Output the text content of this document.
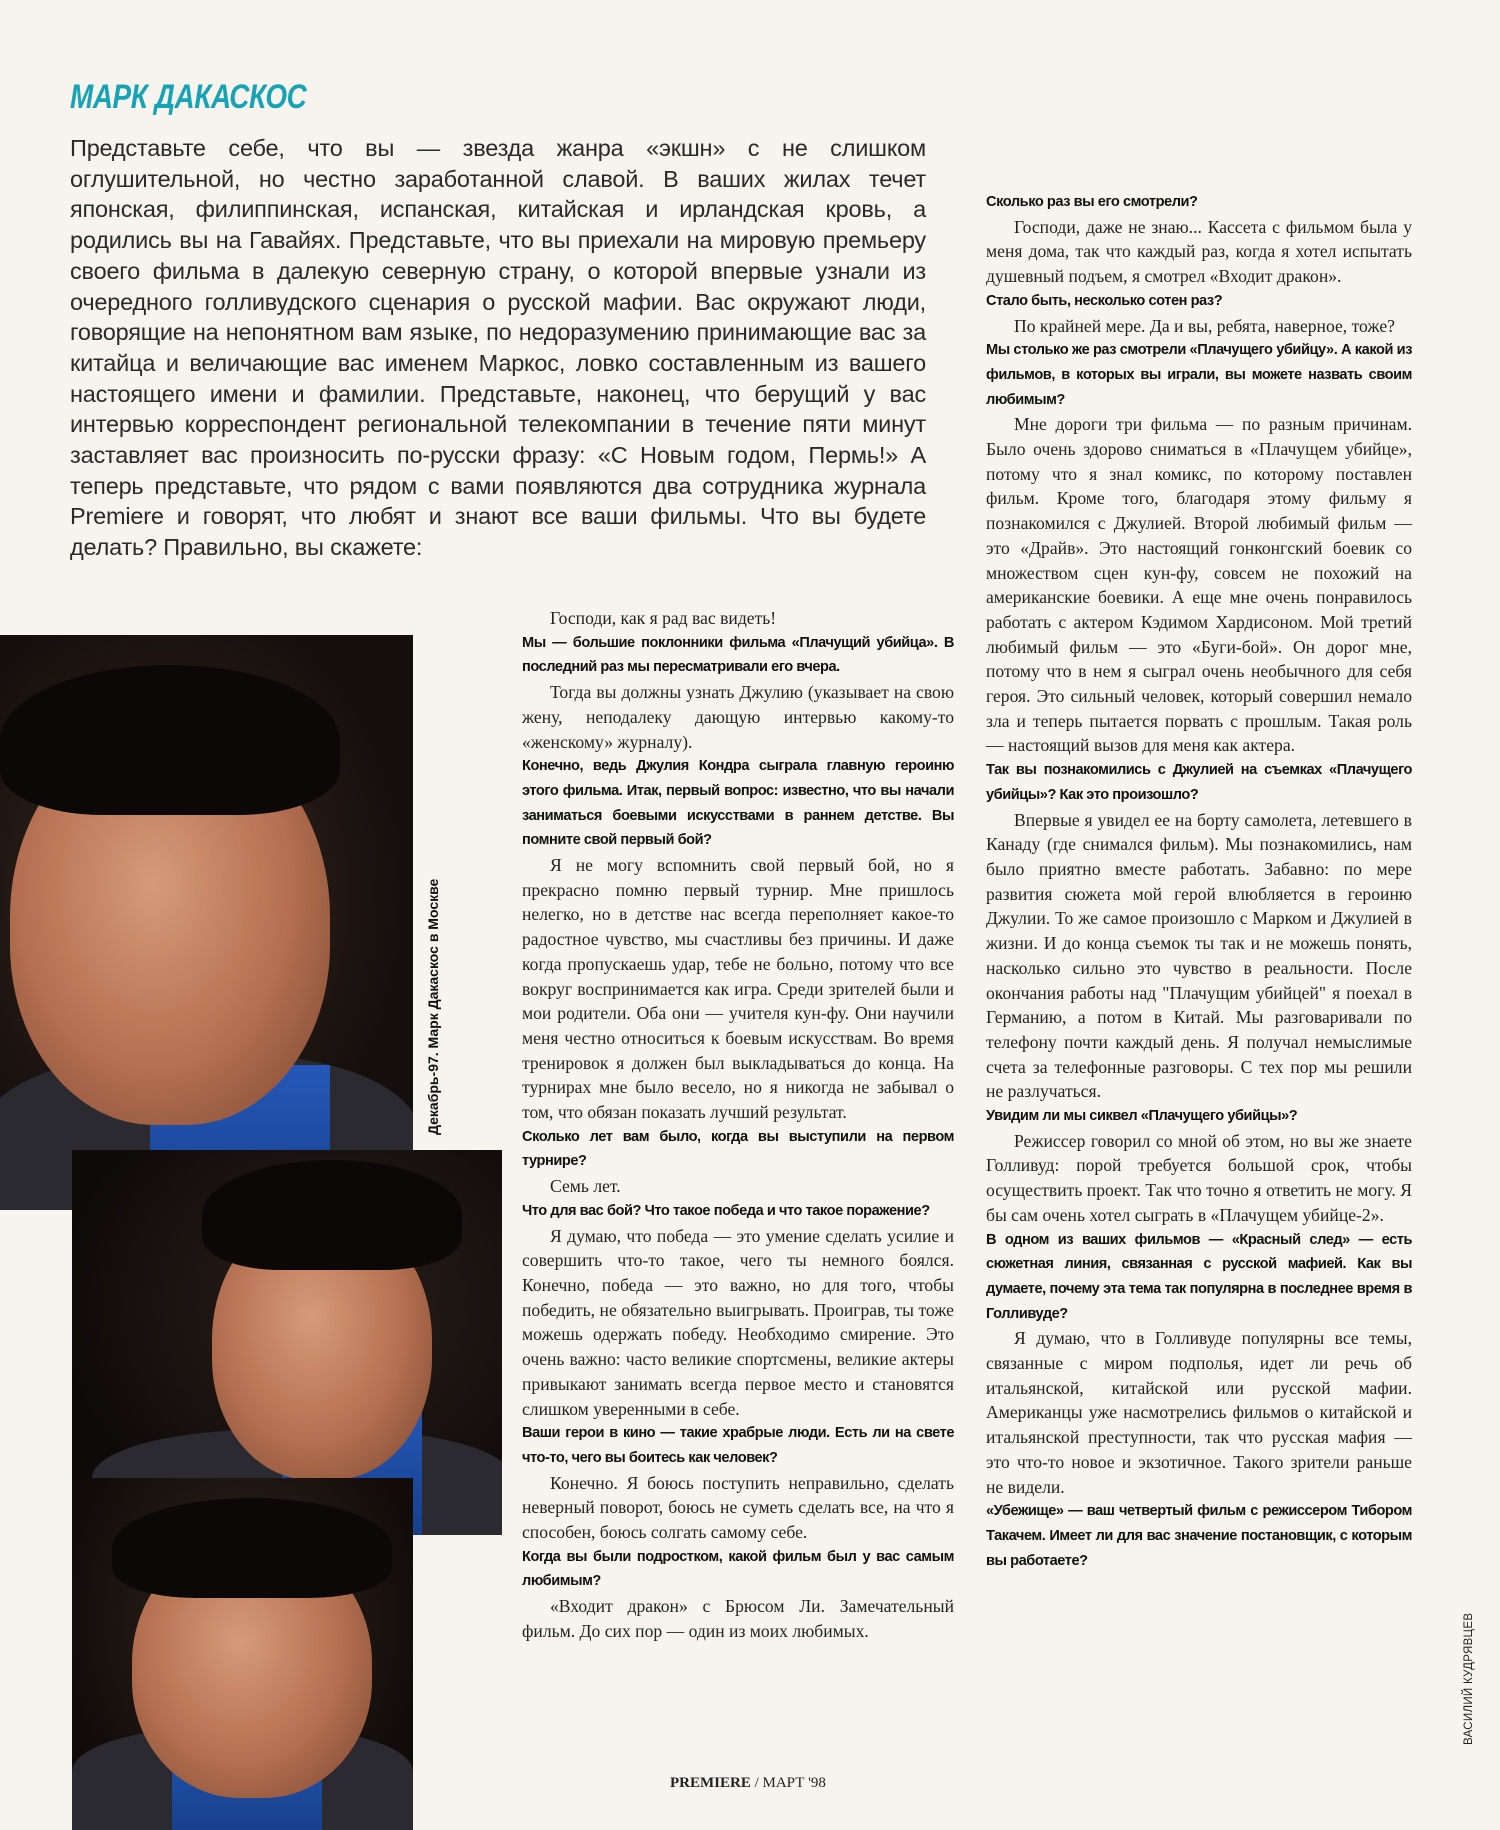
МАРК ДАКАСКОС

Представьте себе, что вы — звезда жанра «экшн» с не слишком оглушительной, но честно заработанной славой. В ваших жилах течет японская, филиппинская, испанская, китайская и ирландская кровь, а родились вы на Гавайях. Представьте, что вы приехали на мировую премьеру своего фильма в далекую северную страну, о которой впервые узнали из очередного голливудского сценария о русской мафии. Вас окружают люди, говорящие на непонятном вам языке, по недоразумению принимающие вас за китайца и величающие вас именем Маркос, ловко составленным из вашего настоящего имени и фамилии. Представьте, наконец, что берущий у вас интервью корреспондент региональной телекомпании в течение пяти минут заставляет вас произносить по-русски фразу: «С Новым годом, Пермь!» А теперь представьте, что рядом с вами появляются два сотрудника журнала Premiere и говорят, что любят и знают все ваши фильмы. Что вы будете делать? Правильно, вы скажете:

Декабрь-97. Марк Дакаскос в Москве
ВАСИЛИЙ КУДРЯВЦЕВ

Господи, как я рад вас видеть!

Мы — большие поклонники фильма «Плачущий убийца». В последний раз мы пересматривали его вчера.

Тогда вы должны узнать Джулию (указывает на свою жену, неподалеку дающую интервью какому-то «женскому» журналу).

Конечно, ведь Джулия Кондра сыграла главную героиню этого фильма. Итак, первый вопрос: известно, что вы начали заниматься боевыми искусствами в раннем детстве. Вы помните свой первый бой?

Я не могу вспомнить свой первый бой, но я прекрасно помню первый турнир. Мне пришлось нелегко, но в детстве нас всегда переполняет какое-то радостное чувство, мы счастливы без причины. И даже когда пропускаешь удар, тебе не больно, потому что все вокруг воспринимается как игра. Среди зрителей были и мои родители. Оба они — учителя кун-фу. Они научили меня честно относиться к боевым искусствам. Во время тренировок я должен был выкладываться до конца. На турнирах мне было весело, но я никогда не забывал о том, что обязан показать лучший результат.

Сколько лет вам было, когда вы выступили на первом турнире?

Семь лет.

Что для вас бой? Что такое победа и что такое поражение?

Я думаю, что победа — это умение сделать усилие и совершить что-то такое, чего ты немного боялся. Конечно, победа — это важно, но для того, чтобы победить, не обязательно выигрывать. Проиграв, ты тоже можешь одержать победу. Необходимо смирение. Это очень важно: часто великие спортсмены, великие актеры привыкают занимать всегда первое место и становятся слишком уверенными в себе.

Ваши герои в кино — такие храбрые люди. Есть ли на свете что-то, чего вы боитесь как человек?

Конечно. Я боюсь поступить неправильно, сделать неверный поворот, боюсь не суметь сделать все, на что я способен, боюсь солгать самому себе.

Когда вы были подростком, какой фильм был у вас самым любимым?

«Входит дракон» с Брюсом Ли. Замечательный фильм. До сих пор — один из моих любимых.

Сколько раз вы его смотрели?

Господи, даже не знаю... Кассета с фильмом была у меня дома, так что каждый раз, когда я хотел испытать душевный подъем, я смотрел «Входит дракон».

Стало быть, несколько сотен раз?

По крайней мере. Да и вы, ребята, наверное, тоже?

Мы столько же раз смотрели «Плачущего убийцу». А какой из фильмов, в которых вы играли, вы можете назвать своим любимым?

Мне дороги три фильма — по разным причинам. Было очень здорово сниматься в «Плачущем убийце», потому что я знал комикс, по которому поставлен фильм. Кроме того, благодаря этому фильму я познакомился с Джулией. Второй любимый фильм — это «Драйв». Это настоящий гонконгский боевик со множеством сцен кун-фу, совсем не похожий на американские боевики. А еще мне очень понравилось работать с актером Кэдимом Хардисоном. Мой третий любимый фильм — это «Буги-бой». Он дорог мне, потому что в нем я сыграл очень необычного для себя героя. Это сильный человек, который совершил немало зла и теперь пытается порвать с прошлым. Такая роль — настоящий вызов для меня как актера.

Так вы познакомились с Джулией на съемках «Плачущего убийцы»? Как это произошло?

Впервые я увидел ее на борту самолета, летевшего в Канаду (где снимался фильм). Мы познакомились, нам было приятно вместе работать. Забавно: по мере развития сюжета мой герой влюбляется в героиню Джулии. То же самое произошло с Марком и Джулией в жизни. И до конца съемок ты так и не можешь понять, насколько сильно это чувство в реальности. После окончания работы над "Плачущим убийцей" я поехал в Германию, а потом в Китай. Мы разговаривали по телефону почти каждый день. Я получал немыслимые счета за телефонные разговоры. С тех пор мы решили не разлучаться.

Увидим ли мы сиквел «Плачущего убийцы»?

Режиссер говорил со мной об этом, но вы же знаете Голливуд: порой требуется большой срок, чтобы осуществить проект. Так что точно я ответить не могу. Я бы сам очень хотел сыграть в «Плачущем убийце-2».

В одном из ваших фильмов — «Красный след» — есть сюжетная линия, связанная с русской мафией. Как вы думаете, почему эта тема так популярна в последнее время в Голливуде?

Я думаю, что в Голливуде популярны все темы, связанные с миром подполья, идет ли речь об итальянской, китайской или русской мафии. Американцы уже насмотрелись фильмов о китайской и итальянской преступности, так что русская мафия — это что-то новое и экзотичное. Такого зрители раньше не видели.

«Убежище» — ваш четвертый фильм с режиссером Тибором Такачем. Имеет ли для вас значение постановщик, с которым вы работаете?

PREMIERE / МАРТ '98
